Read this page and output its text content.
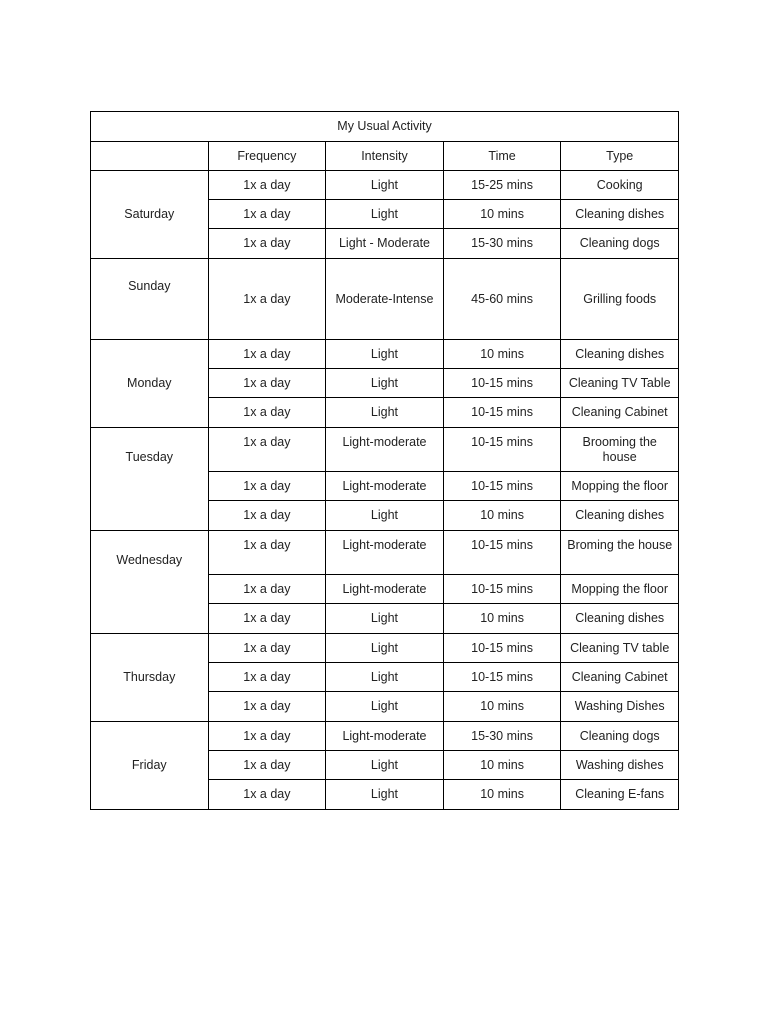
My Usual Activity				
	Frequency	Intensity	Time	Type
Saturday	1x a day	Light	15-25 mins	Cooking
	1x a day	Light	10 mins	Cleaning dishes
	1x a day	Light - Moderate	15-30 mins	Cleaning dogs
Sunday	1x a day	Moderate-Intense	45-60 mins	Grilling foods
Monday	1x a day	Light	10 mins	Cleaning dishes
	1x a day	Light	10-15 mins	Cleaning TV Table
	1x a day	Light	10-15 mins	Cleaning Cabinet
Tuesday	1x a day	Light-moderate	10-15 mins	Brooming the house
	1x a day	Light-moderate	10-15 mins	Mopping the floor
	1x a day	Light	10 mins	Cleaning dishes
Wednesday	1x a day	Light-moderate	10-15 mins	Broming the house
	1x a day	Light-moderate	10-15 mins	Mopping the floor
	1x a day	Light	10 mins	Cleaning dishes
Thursday	1x a day	Light	10-15 mins	Cleaning TV table
	1x a day	Light	10-15 mins	Cleaning Cabinet
	1x a day	Light	10 mins	Washing Dishes
Friday	1x a day	Light-moderate	15-30 mins	Cleaning dogs
	1x a day	Light	10 mins	Washing dishes
	1x a day	Light	10 mins	Cleaning E-fans
